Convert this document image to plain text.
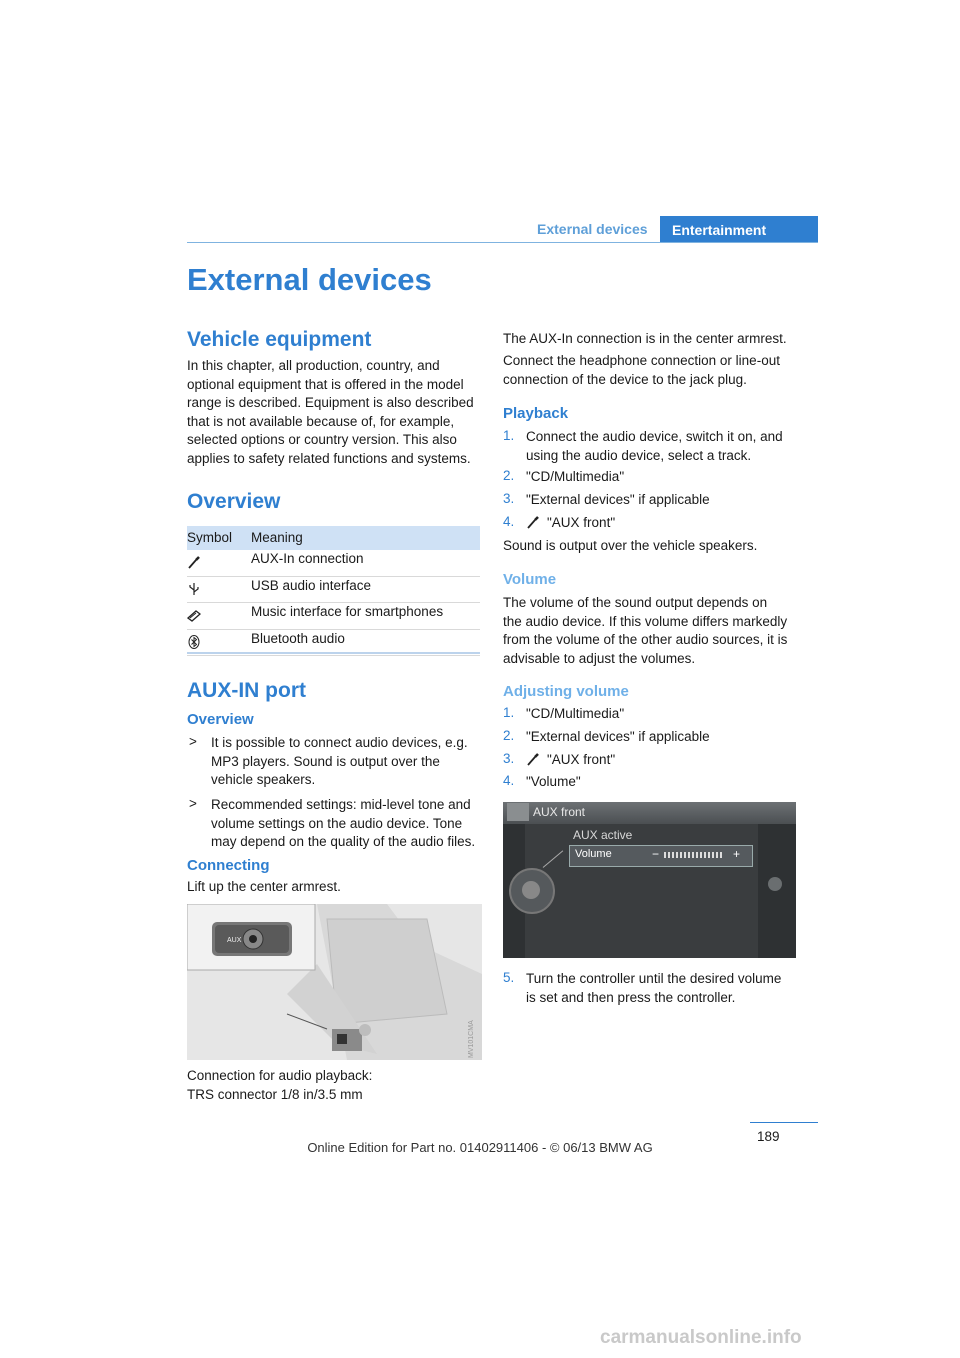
External devices	Entertainment
External devices
Vehicle equipment

In this chapter, all production, country, and
optional equipment that is offered in the model
range is described. Equipment is also described
that is not available because of, for example,
selected options or country version. This also
applies to safety related functions and systems.

Overview
Symbol Meaning
AUX-In connection
USB audio interface
Music interface for smartphones
Bluetooth audio
AUX-IN port
Overview
> It is possible to connect audio devices, e.g.
MP3 players. Sound is output over the
vehicle speakers.
> Recommended settings: mid-level tone and
volume settings on the audio device. Tone
may depend on the quality of the audio files.
Connecting

Lift up the center armrest.

AUX
MV101CMA

Connection for audio playback:
TRS connector 1/8 in/3.5 mm

The AUX-In connection is in the center armrest.

Connect the headphone connection or line-out
connection of the device to the jack plug.

Playback
1. Connect the audio device, switch it on, and
using the audio device, select a track.
2. "CD/Multimedia"
3. "External devices" if applicable
4. "AUX front"

Sound is output over the vehicle speakers.

Volume

The volume of the sound output depends on
the audio device. If this volume differs markedly
from the volume of the other audio sources, it is
advisable to adjust the volumes.

Adjusting volume
1. "CD/Multimedia"
2. "External devices" if applicable
3. "AUX front"
4. "Volume"
AUX front
AUX active
Volume	−	+
5. Turn the controller until the desired volume
is set and then press the controller.
189
Online Edition for Part no. 01402911406 - © 06/13 BMW AG
carmanualsonline.info
